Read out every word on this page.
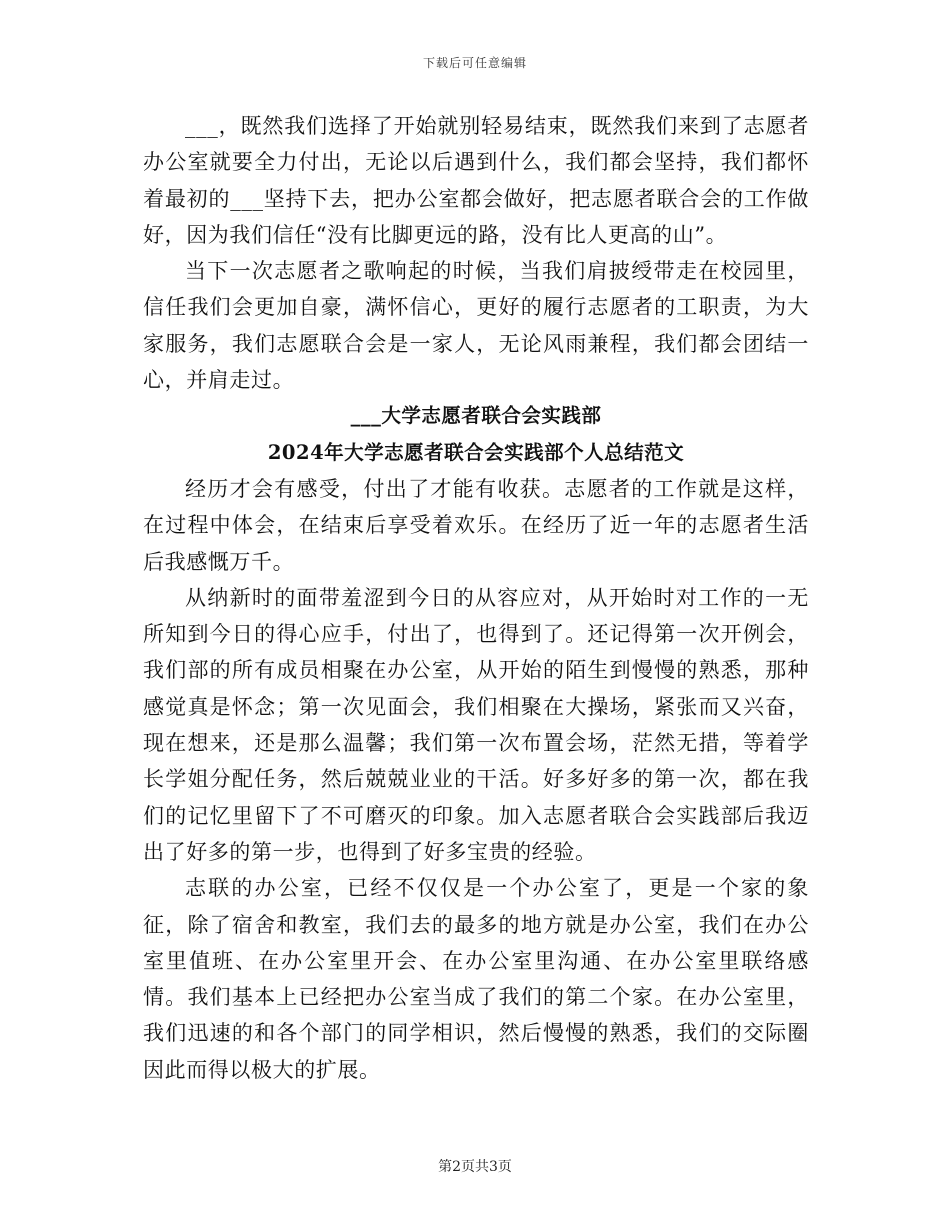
下载后可任意编辑

___，既然我们选择了开始就别轻易结束，既然我们来到了志愿者办公室就要全力付出，无论以后遇到什么，我们都会坚持，我们都怀着最初的___坚持下去，把办公室都会做好，把志愿者联合会的工作做好，因为我们信任“没有比脚更远的路，没有比人更高的山”。

当下一次志愿者之歌响起的时候，当我们肩披绶带走在校园里，信任我们会更加自豪，满怀信心，更好的履行志愿者的工职责，为大家服务，我们志愿联合会是一家人，无论风雨兼程，我们都会团结一心，并肩走过。

___大学志愿者联合会实践部

2024年大学志愿者联合会实践部个人总结范文

经历才会有感受，付出了才能有收获。志愿者的工作就是这样，在过程中体会，在结束后享受着欢乐。在经历了近一年的志愿者生活后我感慨万千。

从纳新时的面带羞涩到今日的从容应对，从开始时对工作的一无所知到今日的得心应手，付出了，也得到了。还记得第一次开例会，我们部的所有成员相聚在办公室，从开始的陌生到慢慢的熟悉，那种感觉真是怀念；第一次见面会，我们相聚在大操场，紧张而又兴奋，现在想来，还是那么温馨；我们第一次布置会场，茫然无措，等着学长学姐分配任务，然后兢兢业业的干活。好多好多的第一次，都在我们的记忆里留下了不可磨灭的印象。加入志愿者联合会实践部后我迈出了好多的第一步，也得到了好多宝贵的经验。

志联的办公室，已经不仅仅是一个办公室了，更是一个家的象征，除了宿舍和教室，我们去的最多的地方就是办公室，我们在办公室里值班、在办公室里开会、在办公室里沟通、在办公室里联络感情。我们基本上已经把办公室当成了我们的第二个家。在办公室里，我们迅速的和各个部门的同学相识，然后慢慢的熟悉，我们的交际圈因此而得以极大的扩展。

第2页共3页
